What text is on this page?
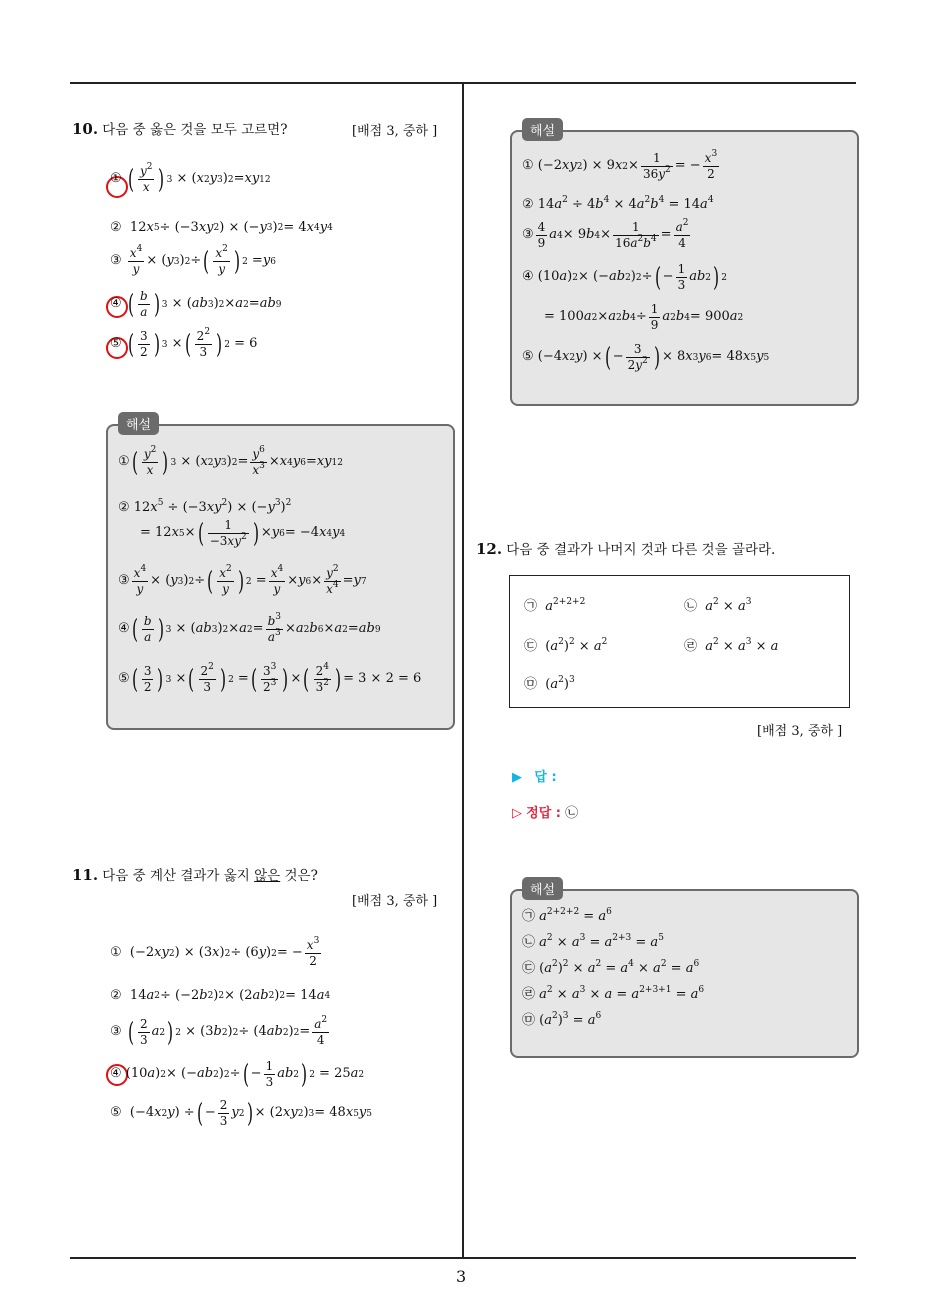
3
10. 다음 중 옳은 것을 모두 고르면?	[배점 3, 중하 ]
①
( $\frac{y^2}{x}$ ) 3 × ( x 2 y 3 ) 2 = xy 12
② 12 x 5 ÷ (−3 xy 2 ) × (− y 3 ) 2 = 4 x 4 y 4
③
$\frac{x^4}{y}$ × ( y 3 ) 2 ÷ ( $\frac{x^2}{y}$ ) 2 = y 6
④
( $\frac{b}{a}$ ) 3 × ( ab 3 ) 2 × a 2 = ab 9
⑤
( $\frac{3}{2}$ ) 3 × ( $\frac{2^2}{3}$ ) 2 = 6
해설
① ( $\frac{y^2}{x}$ ) 3 × ( x 2 y 3 ) $2 = \frac{y^6}{x^3} \times x$ 4 y 6 = xy 12
② $12x^5 \div (-3xy^2) \times (-y^3)^2$
= 12 x 5 × ( $\frac{1}{-3xy^2}$ ) × y 6 = −4 x 4 y 4
③ $\frac{x^4}{y}$ × ( y 3 ) 2 ÷ ( $\frac{x^2}{y}$ ) $2 = \frac{x^4}{y} \times y$ $6 \times \frac{y^2}{x^4} = y$ 7
④ ( $\frac{b}{a}$ ) 3 × ( ab 3 ) 2 × a $2 = \frac{b^3}{a^3} \times a$ 2 b 6 × a 2 = ab 9
⑤ ( $\frac{3}{2}$ ) 3 × ( $\frac{2^2}{3}$ ) 2 = ( $\frac{3^3}{2^3}$ ) × ( $\frac{2^4}{3^2}$ ) = 3 × 2 = 6
11. 다음 중 계산 결과가 옳지 않은 것은?
[배점 3, 중하 ]
① (−2 xy 2 ) × (3 x ) 2 ÷ (6 y ) 2 = − $\frac{x^3}{2}$
② 14 a 2 ÷ (−2 b 2 ) 2 × (2 ab 2 ) 2 = 14 a 4
③
( $\frac{2}{3}$ a 2 ) 2 × (3 b 2 ) 2 ÷ (4 ab 2 ) $2 = \frac{a^2}{4}$
④ (10 a ) 2 × (− ab 2 ) 2 ÷ ( − $\frac{1}{3}$ ab 2 ) 2 = 25 a 2
⑤ (−4 x 2 y ) ÷ ( − $\frac{2}{3}$ y 2 ) × (2 xy 2 ) 3 = 48 x 5 y 5
해설
① (−2 xy 2 ) × 9 x $2 \times \frac{1}{36y^2}$ = − $\frac{x^3}{2}$
② $14a^2 \div 4b^4 \times 4a^2b^4 = 14a^4$
③ $\frac{4}{9}$ a 4 × 9 b $4 \times \frac{1}{16a^2b^4} = \frac{a^2}{4}$
④ (10 a ) 2 × (− ab 2 ) 2 ÷ ( − $\frac{1}{3}$ ab 2 ) 2
= 100 a 2 × a 2 b $4 \div \frac{1}{9}$ a 2 b 4 = 900 a 2
⑤ (−4 x 2 y ) × ( − $\frac{3}{2y^2}$ ) × 8 x 3 y 6 = 48 x 5 y 5
12. 다음 중 결과가 나머지 것과 다른 것을 골라라.
㉠ $a^{2+2+2}$	㉡ $a^2 \times a^3$
㉢  $(a^2)^2 \times a^2$	㉣ $a^2 \times a^3 \times a$
㉤  $(a^2)^3$
[배점 3, 중하 ]
▶ 답 :
▷ 정답 : ㉡
해설
㉠ $a^{2+2+2} = a^6$
㉡ $a^2 \times a^3 = a^{2+3} = a^5$
㉢ $(a^2)^2 \times a^2 = a^4 \times a^2 = a^6$
㉣ $a^2 \times a^3 \times a = a^{2+3+1} = a^6$
㉤ $(a^2)^3 = a^6$
